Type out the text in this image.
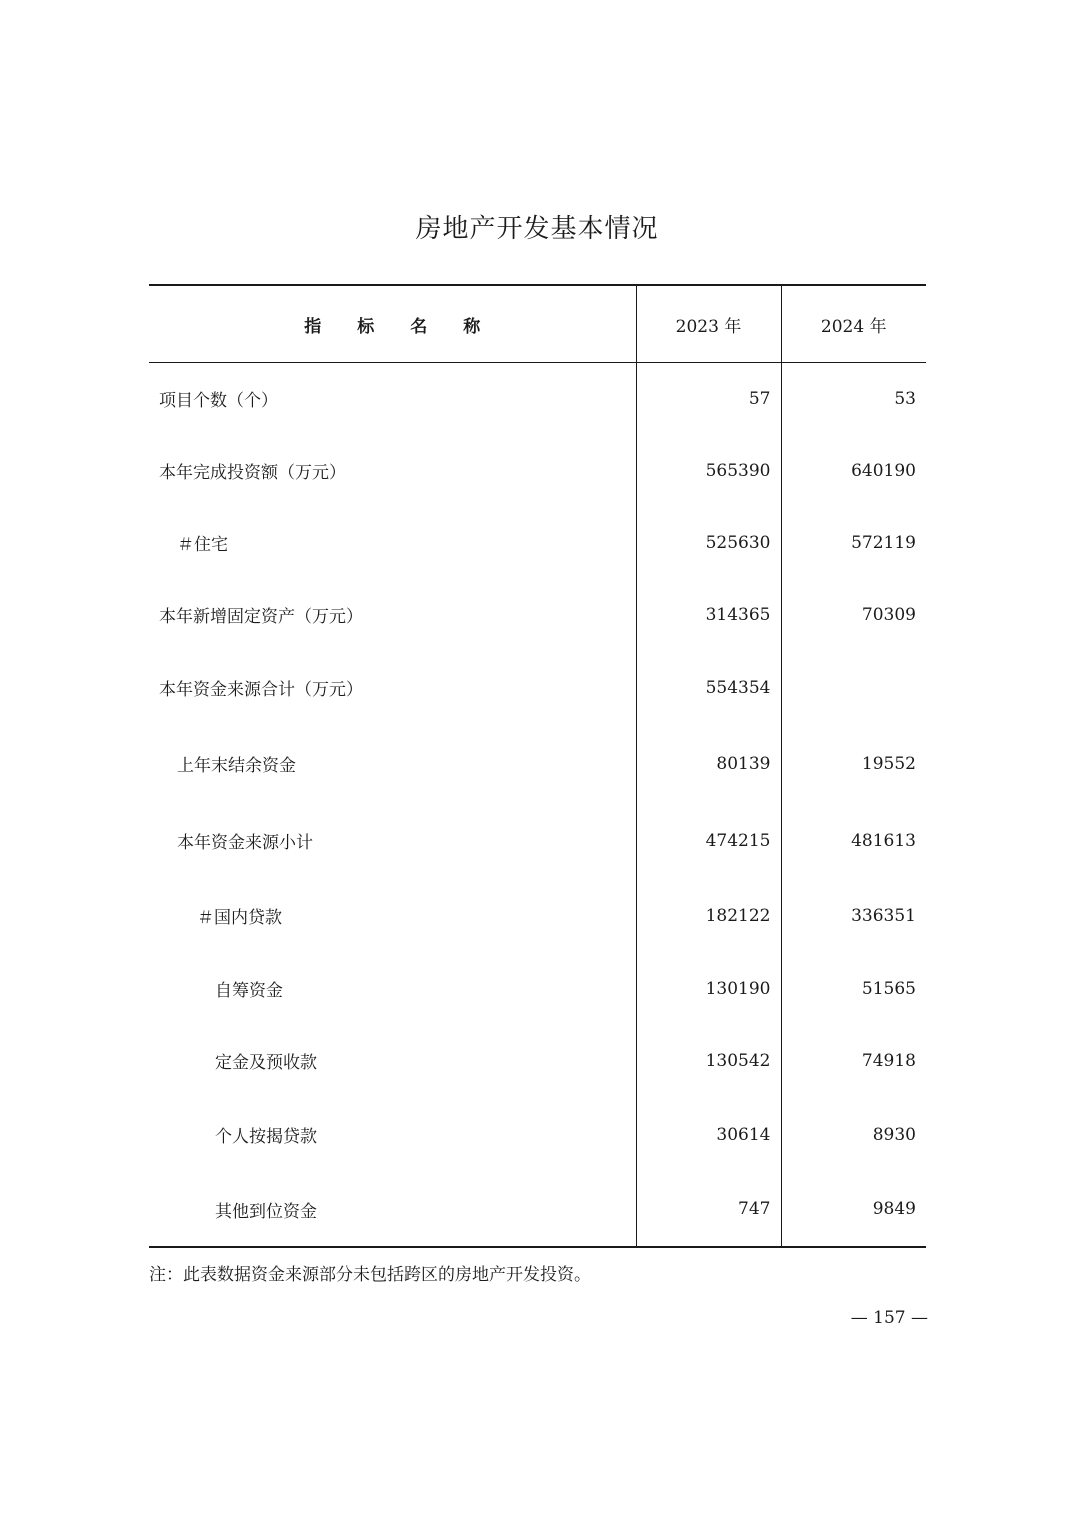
房地产开发基本情况
指 标 名 称	2023 年	2024 年
项目个数（个）	57	53
本年完成投资额（万元）	565390	640190
＃住宅	525630	572119
本年新增固定资产（万元）	314365	70309
本年资金来源合计（万元）	554354	
上年末结余资金	80139	19552
本年资金来源小计	474215	481613
＃国内贷款	182122	336351
自筹资金	130190	51565
定金及预收款	130542	74918
个人按揭贷款	30614	8930
其他到位资金	747	9849
注：此表数据资金来源部分未包括跨区的房地产开发投资。
— 157 —
